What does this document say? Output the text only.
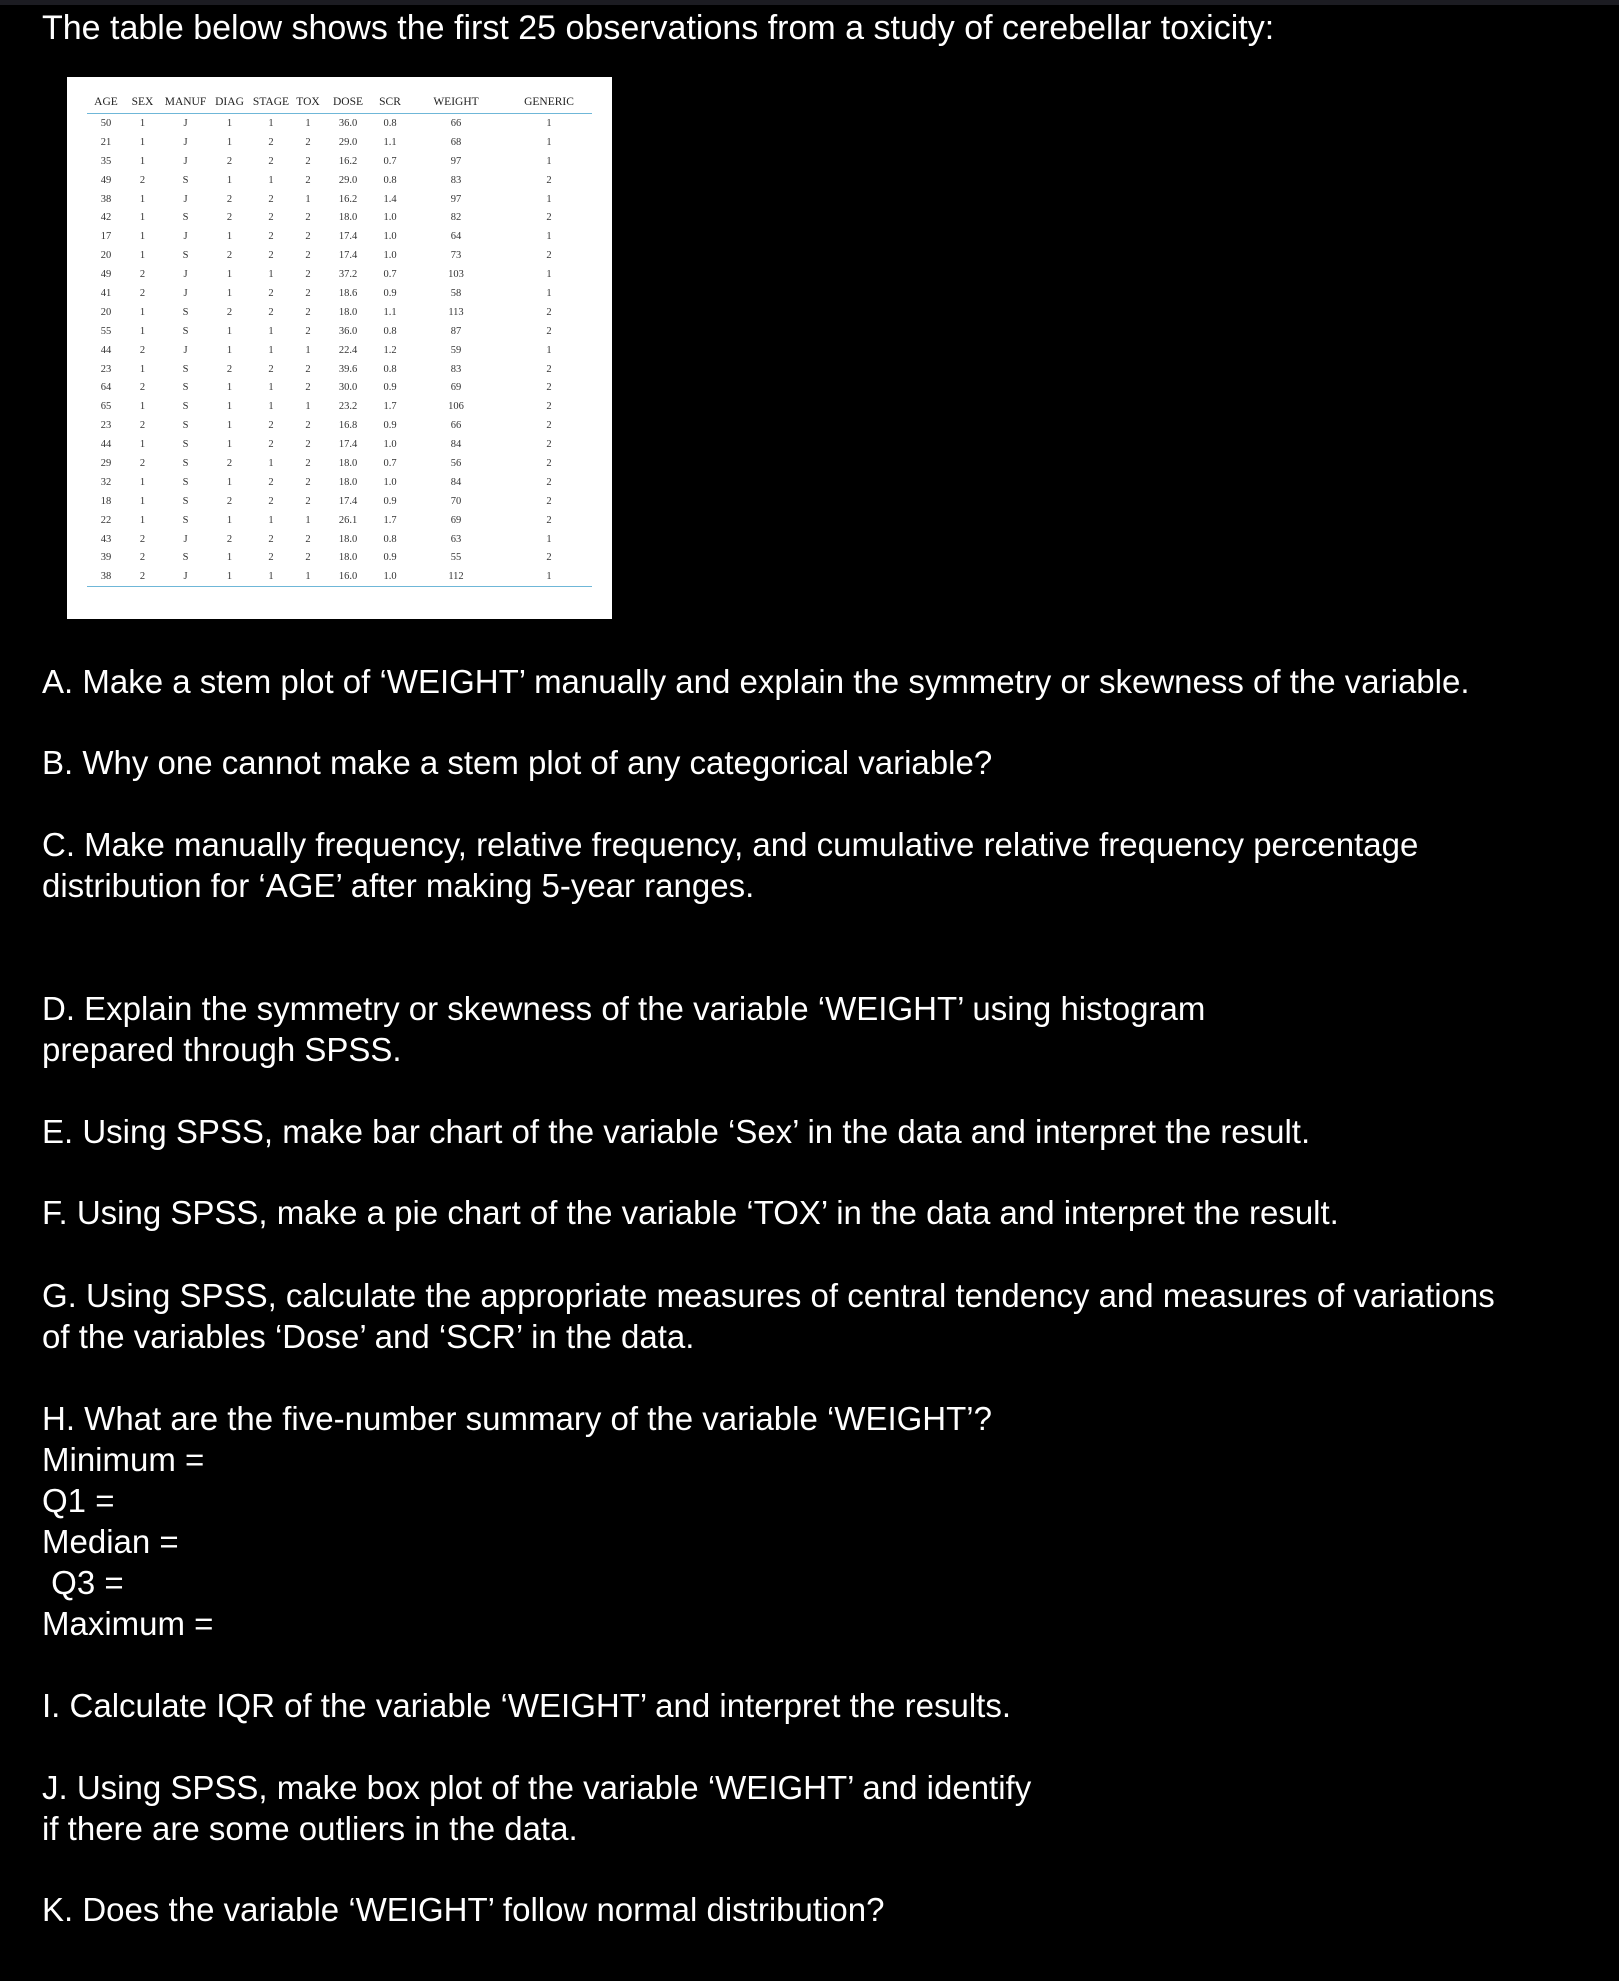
The table below shows the first 25 observations from a study of cerebellar toxicity:
AGE	SEX	MANUF	DIAG	STAGE	TOX	DOSE	SCR	WEIGHT	GENERIC
50	1	J	1	1	1	36.0	0.8	66	1
21	1	J	1	2	2	29.0	1.1	68	1
35	1	J	2	2	2	16.2	0.7	97	1
49	2	S	1	1	2	29.0	0.8	83	2
38	1	J	2	2	1	16.2	1.4	97	1
42	1	S	2	2	2	18.0	1.0	82	2
17	1	J	1	2	2	17.4	1.0	64	1
20	1	S	2	2	2	17.4	1.0	73	2
49	2	J	1	1	2	37.2	0.7	103	1
41	2	J	1	2	2	18.6	0.9	58	1
20	1	S	2	2	2	18.0	1.1	113	2
55	1	S	1	1	2	36.0	0.8	87	2
44	2	J	1	1	1	22.4	1.2	59	1
23	1	S	2	2	2	39.6	0.8	83	2
64	2	S	1	1	2	30.0	0.9	69	2
65	1	S	1	1	1	23.2	1.7	106	2
23	2	S	1	2	2	16.8	0.9	66	2
44	1	S	1	2	2	17.4	1.0	84	2
29	2	S	2	1	2	18.0	0.7	56	2
32	1	S	1	2	2	18.0	1.0	84	2
18	1	S	2	2	2	17.4	0.9	70	2
22	1	S	1	1	1	26.1	1.7	69	2
43	2	J	2	2	2	18.0	0.8	63	1
39	2	S	1	2	2	18.0	0.9	55	2
38	2	J	1	1	1	16.0	1.0	112	1
A. Make a stem plot of ‘WEIGHT’ manually and explain the symmetry or skewness of the variable.
B. Why one cannot make a stem plot of any categorical variable?
C. Make manually frequency, relative frequency, and cumulative relative frequency percentage
distribution for ‘AGE’ after making 5-year ranges.
D. Explain the symmetry or skewness of the variable ‘WEIGHT’ using histogram
prepared through SPSS.
E. Using SPSS, make bar chart of the variable ‘Sex’ in the data and interpret the result.
F. Using SPSS, make a pie chart of the variable ‘TOX’ in the data and interpret the result.
G. Using SPSS, calculate the appropriate measures of central tendency and measures of variations
of the variables ‘Dose’ and ‘SCR’ in the data.
H. What are the five-number summary of the variable ‘WEIGHT’?
Minimum =
Q1 =
Median =
Q3 =
Maximum =
I. Calculate IQR of the variable ‘WEIGHT’ and interpret the results.
J. Using SPSS, make box plot of the variable ‘WEIGHT’ and identify
if there are some outliers in the data.
K. Does the variable ‘WEIGHT’ follow normal distribution?
